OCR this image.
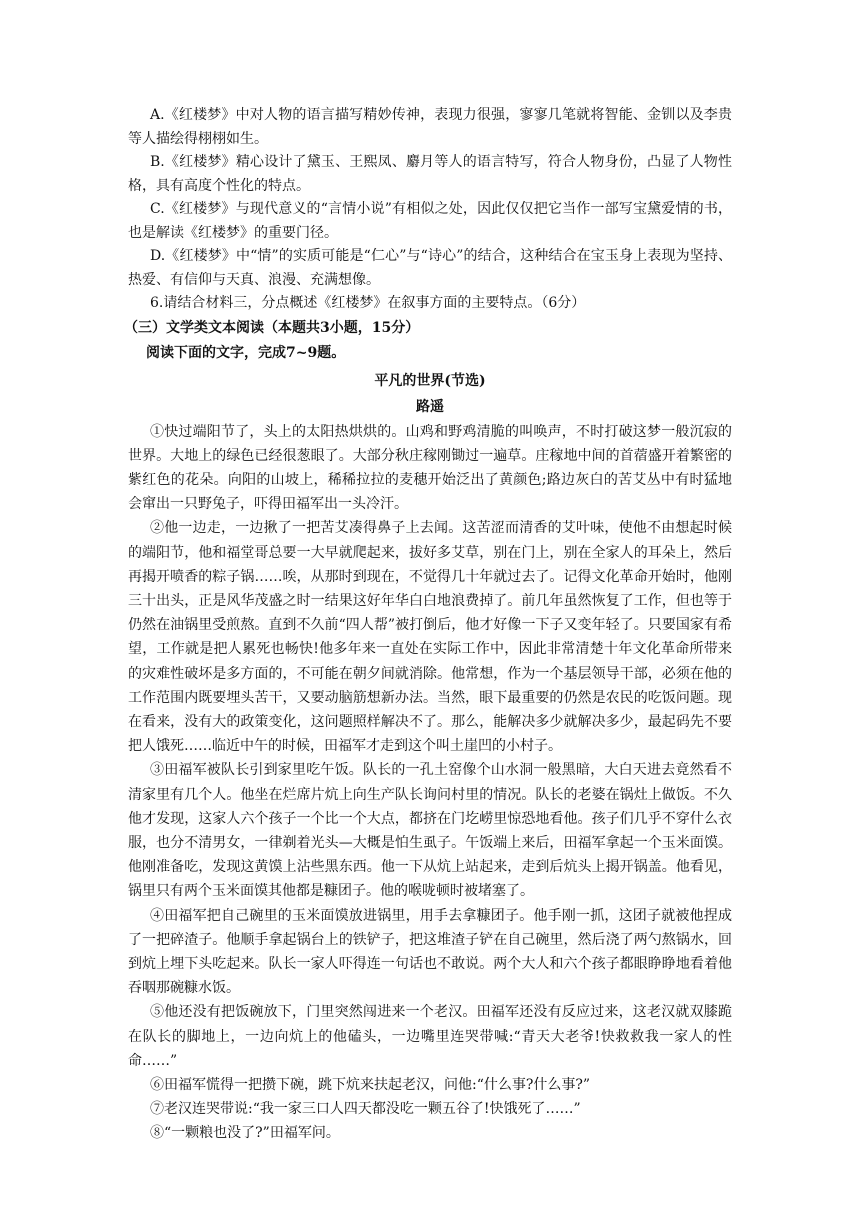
A.《红楼梦》中对人物的语言描写精妙传神，表现力很强，寥寥几笔就将智能、金钏以及李贵等人描绘得栩栩如生。

B.《红楼梦》精心设计了黛玉、王熙凤、麝月等人的语言特写，符合人物身份，凸显了人物性格，具有高度个性化的特点。

C.《红楼梦》与现代意义的“言情小说”有相似之处，因此仅仅把它当作一部写宝黛爱情的书，也是解读《红楼梦》的重要门径。

D.《红楼梦》中“情”的实质可能是“仁心”与“诗心”的结合，这种结合在宝玉身上表现为坚持、热爱、有信仰与天真、浪漫、充满想像。

6.请结合材料三，分点概述《红楼梦》在叙事方面的主要特点。（6分）

（三）文学类文本阅读（本题共3小题，15分）

阅读下面的文字，完成7~9题。

平凡的世界(节选)

路遥

①快过端阳节了，头上的太阳热烘烘的。山鸡和野鸡清脆的叫唤声，不时打破这梦一般沉寂的世界。大地上的绿色已经很葱眼了。大部分秋庄稼刚锄过一遍草。庄稼地中间的首蓿盛开着繁密的紫红色的花朵。向阳的山坡上，稀稀拉拉的麦穗开始泛出了黄颜色;路边灰白的苦艾丛中有时猛地会窜出一只野兔子，吓得田福军出一头冷汗。

②他一边走，一边揪了一把苦艾凑得鼻子上去闻。这苦涩而清香的艾叶味，使他不由想起时候的端阳节，他和福堂哥总要一大早就爬起来，拔好多艾草，别在门上，别在全家人的耳朵上，然后再揭开喷香的粽子锅……唉，从那时到现在，不觉得几十年就过去了。记得文化革命开始时，他刚三十出头，正是风华茂盛之时一结果这好年华白白地浪费掉了。前几年虽然恢复了工作，但也等于仍然在油锅里受煎熬。直到不久前“四人帮”被打倒后，他才好像一下子又变年轻了。只要国家有希望，工作就是把人累死也畅快!他多年来一直处在实际工作中，因此非常清楚十年文化革命所带来的灾难性破坏是多方面的，不可能在朝夕间就消除。他常想，作为一个基层领导干部，必须在他的工作范围内既要埋头苦干，又要动脑筋想新办法。当然，眼下最重要的仍然是农民的吃饭问题。现在看来，没有大的政策变化，这问题照样解决不了。那么，能解决多少就解决多少，最起码先不要把人饿死……临近中午的时候，田福军才走到这个叫土崖凹的小村子。

③田福军被队长引到家里吃午饭。队长的一孔土窑像个山水洞一般黑暗，大白天进去竟然看不清家里有几个人。他坐在烂席片炕上向生产队长询问村里的情况。队长的老婆在锅灶上做饭。不久他才发现，这家人六个孩子一个比一个大点，都挤在门圪崂里惊恐地看他。孩子们几乎不穿什么衣服，也分不清男女，一律剃着光头—大概是怕生虱子。午饭端上来后，田福军拿起一个玉米面馍。他刚准备吃，发现这黄馍上沾些黑东西。他一下从炕上站起来，走到后炕头上揭开锅盖。他看见，锅里只有两个玉米面馍其他都是糠团子。他的喉咙顿时被堵塞了。

④田福军把自己碗里的玉米面馍放进锅里，用手去拿糠团子。他手刚一抓，这团子就被他捏成了一把碎渣子。他顺手拿起锅台上的铁铲子，把这堆渣子铲在自己碗里，然后浇了两勺熬锅水，回到炕上埋下头吃起来。队长一家人吓得连一句话也不敢说。两个大人和六个孩子都眼睁睁地看着他吞咽那碗糠水饭。

⑤他还没有把饭碗放下，门里突然闯进来一个老汉。田福军还没有反应过来，这老汉就双膝跪在队长的脚地上，一边向炕上的他磕头，一边嘴里连哭带喊:“青天大老爷!快救救我一家人的性命……”

⑥田福军慌得一把攒下碗，跳下炕来扶起老汉，问他:“什么事?什么事?”

⑦老汉连哭带说:“我一家三口人四天都没吃一颗五谷了!快饿死了……”

⑧“一颗粮也没了?”田福军问。
